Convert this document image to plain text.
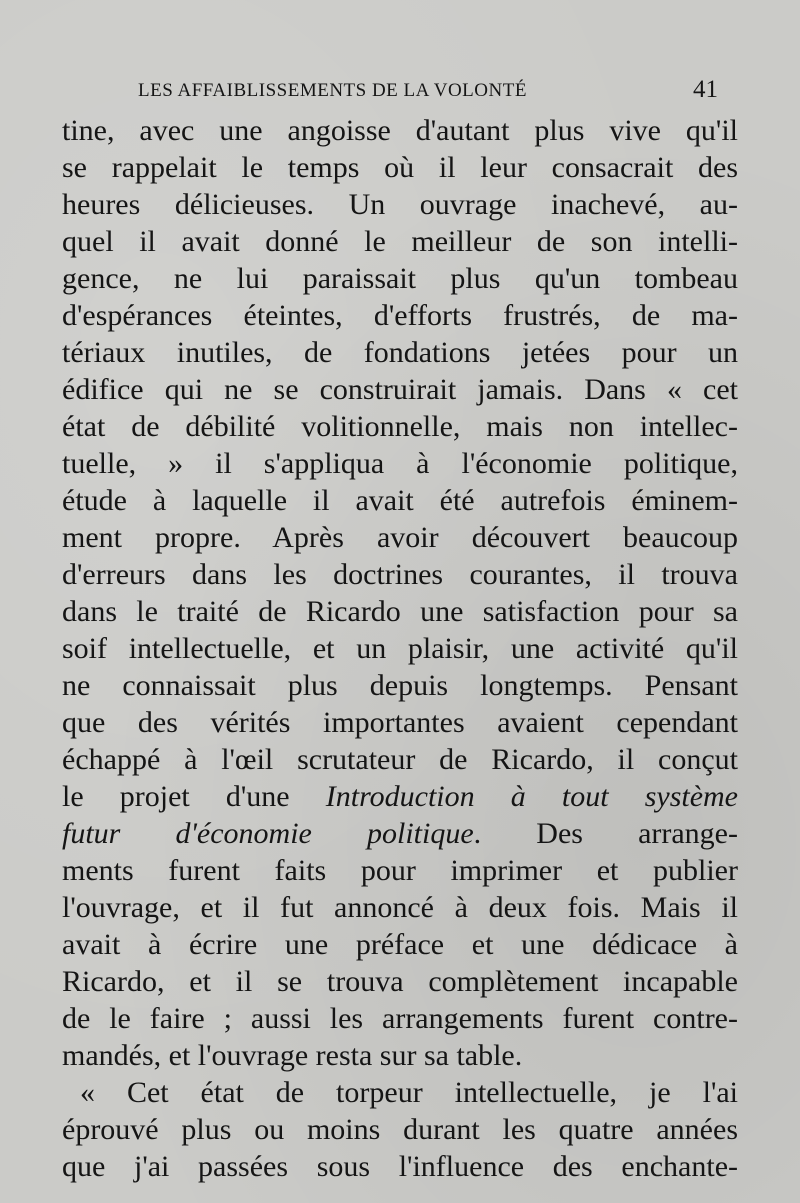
LES AFFAIBLISSEMENTS DE LA VOLONTÉ	41
tine, avec une angoisse d'autant plus vive qu'il
se rappelait le temps où il leur consacrait des
heures délicieuses. Un ouvrage inachevé, au-
quel il avait donné le meilleur de son intelli-
gence, ne lui paraissait plus qu'un tombeau
d'espérances éteintes, d'efforts frustrés, de ma-
tériaux inutiles, de fondations jetées pour un
édifice qui ne se construirait jamais. Dans « cet
état de débilité volitionnelle, mais non intellec-
tuelle, » il s'appliqua à l'économie politique,
étude à laquelle il avait été autrefois éminem-
ment propre. Après avoir découvert beaucoup
d'erreurs dans les doctrines courantes, il trouva
dans le traité de Ricardo une satisfaction pour sa
soif intellectuelle, et un plaisir, une activité qu'il
ne connaissait plus depuis longtemps. Pensant
que des vérités importantes avaient cependant
échappé à l'œil scrutateur de Ricardo, il conçut
le projet d'une Introduction à tout système
futur d'économie politique. Des arrange-
ments furent faits pour imprimer et publier
l'ouvrage, et il fut annoncé à deux fois. Mais il
avait à écrire une préface et une dédicace à
Ricardo, et il se trouva complètement incapable
de le faire ; aussi les arrangements furent contre-
mandés, et l'ouvrage resta sur sa table.
« Cet état de torpeur intellectuelle, je l'ai
éprouvé plus ou moins durant les quatre années
que j'ai passées sous l'influence des enchante-
